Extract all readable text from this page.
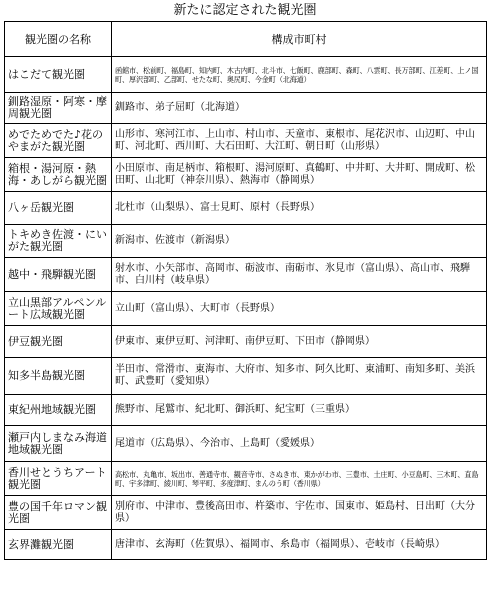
新たに認定された観光圏
観光圏の名称	構成市町村
はこだて観光圏	函館市、松前町、福島町、知内町、木古内町、北斗市、七飯町、鹿部町、森町、八雲町、長万部町、江差町、上ノ国町、厚沢部町、乙部町、せたな町、奥尻町、今金町（北海道）
釧路湿原・阿寒・摩周観光圏	釧路市、弟子屈町（北海道）
めでためでた♪花のやまがた観光圏	山形市、寒河江市、上山市、村山市、天童市、東根市、尾花沢市、山辺町、中山町、河北町、西川町、大石田町、大江町、朝日町（山形県）
箱根・湯河原・熱海・あしがら観光圏	小田原市、南足柄市、箱根町、湯河原町、真鶴町、中井町、大井町、開成町、松田町、山北町（神奈川県）、熱海市（静岡県）
八ヶ岳観光圏	北杜市（山梨県）、富士見町、原村（長野県）
トキめき佐渡・にいがた観光圏	新潟市、佐渡市（新潟県）
越中・飛騨観光圏	射水市、小矢部市、高岡市、砺波市、南砺市、氷見市（富山県）、高山市、飛騨市、白川村（岐阜県）
立山黒部アルペンルート広域観光圏	立山町（富山県）、大町市（長野県）
伊豆観光圏	伊東市、東伊豆町、河津町、南伊豆町、下田市（静岡県）
知多半島観光圏	半田市、常滑市、東海市、大府市、知多市、阿久比町、東浦町、南知多町、美浜町、武豊町（愛知県）
東紀州地域観光圏	熊野市、尾鷲市、紀北町、御浜町、紀宝町（三重県）
瀬戸内しまなみ海道地域観光圏	尾道市（広島県）、今治市、上島町（愛媛県）
香川せとうちアート観光圏	高松市、丸亀市、坂出市、善通寺市、観音寺市、さぬき市、東かがわ市、三豊市、土庄町、小豆島町、三木町、直島町、宇多津町、綾川町、琴平町、多度津町、まんのう町（香川県）
豊の国千年ロマン観光圏	別府市、中津市、豊後高田市、杵築市、宇佐市、国東市、姫島村、日出町（大分県）
玄界灘観光圏	唐津市、玄海町（佐賀県）、福岡市、糸島市（福岡県）、壱岐市（長崎県）
